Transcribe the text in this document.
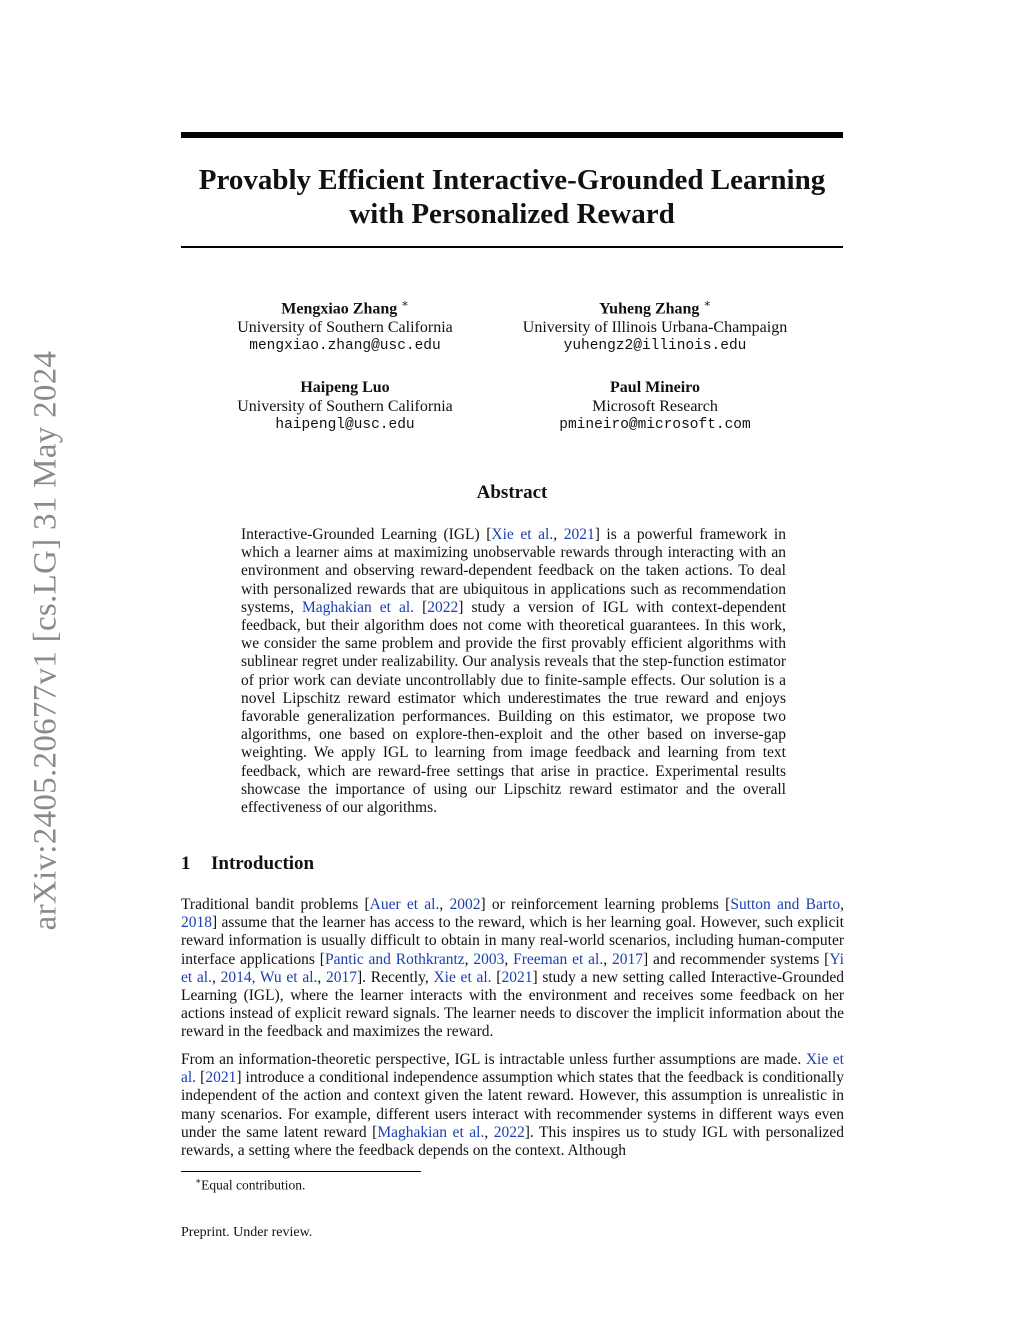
arXiv:2405.20677v1 [cs.LG] 31 May 2024
Provably Efficient Interactive-Grounded Learning
with Personalized Reward
Mengxiao Zhang ∗
University of Southern California
mengxiao.zhang@usc.edu
Yuheng Zhang ∗
University of Illinois Urbana-Champaign
yuhengz2@illinois.edu
Haipeng Luo
University of Southern California
haipengl@usc.edu
Paul Mineiro
Microsoft Research
pmineiro@microsoft.com
Abstract
Interactive-Grounded Learning (IGL) [Xie et al., 2021] is a powerful framework in which a learner aims at maximizing unobservable rewards through interacting with an environment and observing reward-dependent feedback on the taken actions. To deal with personalized rewards that are ubiquitous in applications such as recommendation systems, Maghakian et al. [2022] study a version of IGL with context-dependent feedback, but their algorithm does not come with theoretical guarantees. In this work, we consider the same problem and provide the first provably efficient algorithms with sublinear regret under realizability. Our analysis reveals that the step-function estimator of prior work can deviate uncontrollably due to finite-sample effects. Our solution is a novel Lipschitz reward estimator which underestimates the true reward and enjoys favorable generalization performances. Building on this estimator, we propose two algorithms, one based on explore-then-exploit and the other based on inverse-gap weighting. We apply IGL to learning from image feedback and learning from text feedback, which are reward-free settings that arise in practice. Experimental results showcase the importance of using our Lipschitz reward estimator and the overall effectiveness of our algorithms.
1 Introduction
Traditional bandit problems [Auer et al., 2002] or reinforcement learning problems [Sutton and Barto, 2018] assume that the learner has access to the reward, which is her learning goal. However, such explicit reward information is usually difficult to obtain in many real-world scenarios, including human-computer interface applications [Pantic and Rothkrantz, 2003, Freeman et al., 2017] and recommender systems [Yi et al., 2014, Wu et al., 2017]. Recently, Xie et al. [2021] study a new setting called Interactive-Grounded Learning (IGL), where the learner interacts with the environment and receives some feedback on her actions instead of explicit reward signals. The learner needs to discover the implicit information about the reward in the feedback and maximizes the reward.
From an information-theoretic perspective, IGL is intractable unless further assumptions are made. Xie et al. [2021] introduce a conditional independence assumption which states that the feedback is conditionally independent of the action and context given the latent reward. However, this assumption is unrealistic in many scenarios. For example, different users interact with recommender systems in different ways even under the same latent reward [Maghakian et al., 2022]. This inspires us to study IGL with personalized rewards, a setting where the feedback depends on the context. Although
∗Equal contribution.
Preprint. Under review.
